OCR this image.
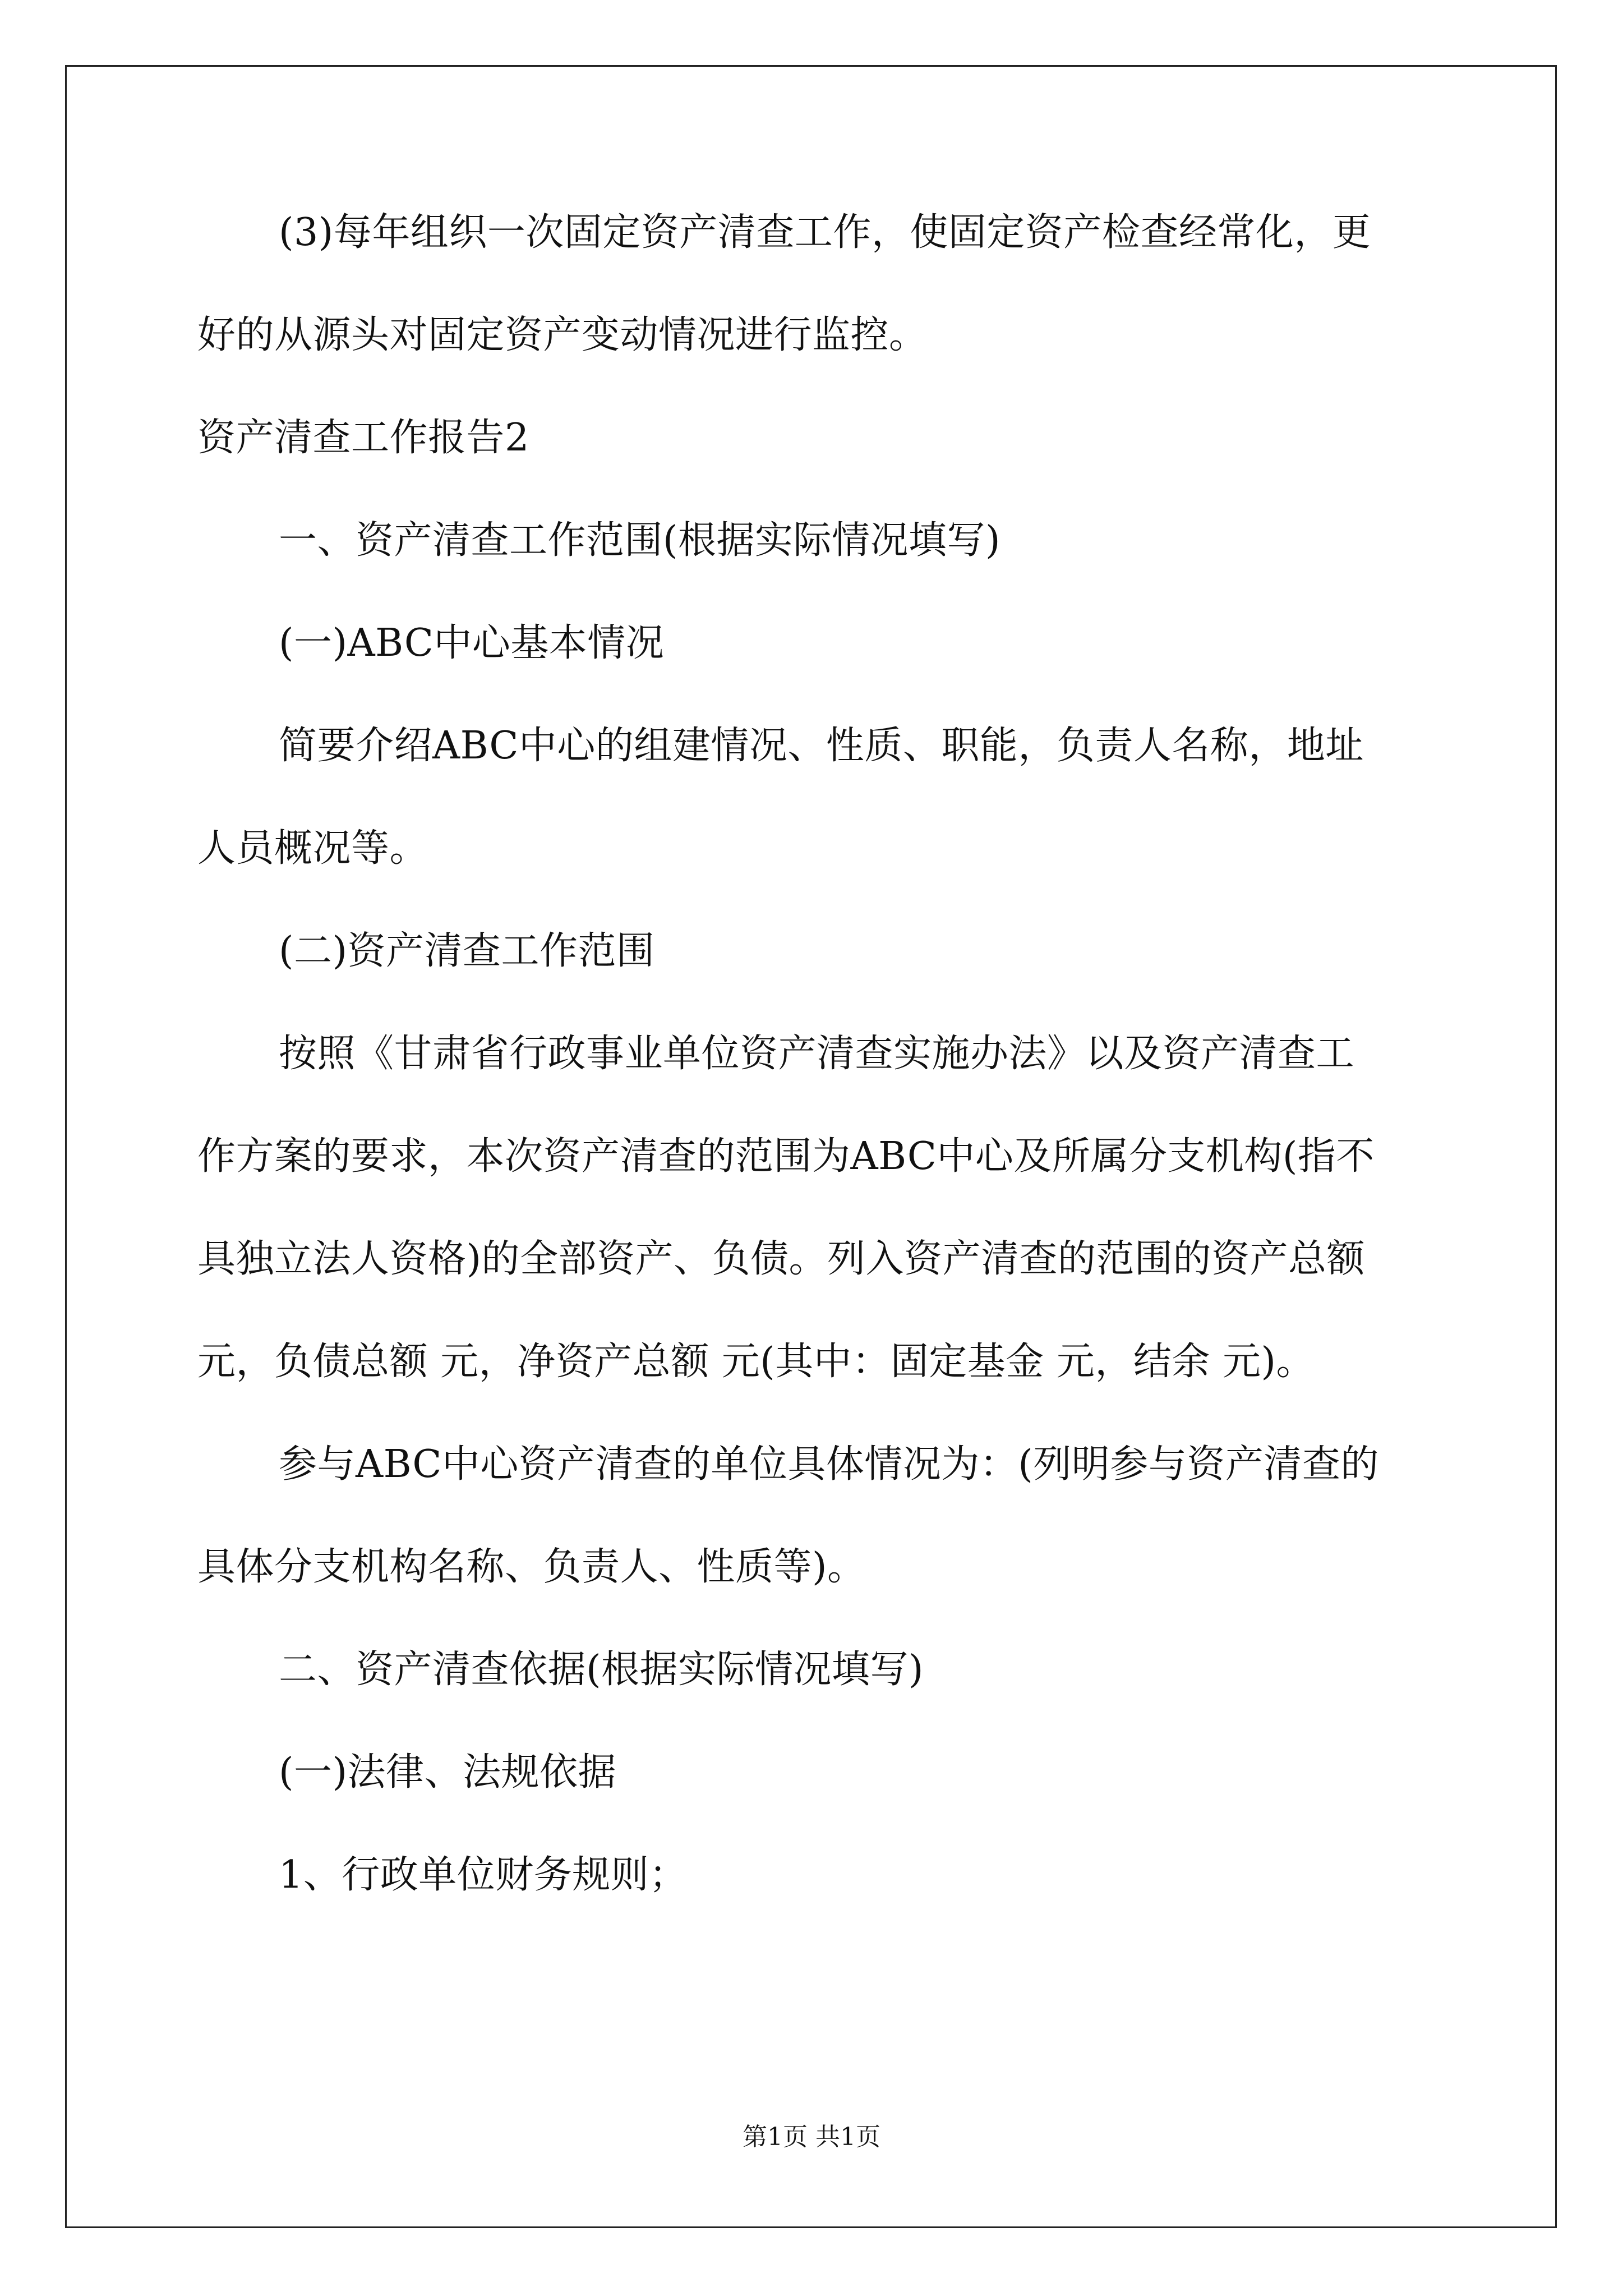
(3)每年组织一次固定资产清查工作，使固定资产检查经常化，更
好的从源头对固定资产变动情况进行监控。
资产清查工作报告2
一、资产清查工作范围(根据实际情况填写)
(一)ABC中心基本情况
简要介绍ABC中心的组建情况、性质、职能，负责人名称，地址
人员概况等。
(二)资产清查工作范围
按照《甘肃省行政事业单位资产清查实施办法》以及资产清查工
作方案的要求，本次资产清查的范围为ABC中心及所属分支机构(指不
具独立法人资格)的全部资产、负债。列入资产清查的范围的资产总额
元，负债总额 元，净资产总额 元(其中：固定基金 元，结余 元)。
参与ABC中心资产清查的单位具体情况为：(列明参与资产清查的
具体分支机构名称、负责人、性质等)。
二、资产清查依据(根据实际情况填写)
(一)法律、法规依据
1、行政单位财务规则；
第1页 共1页
